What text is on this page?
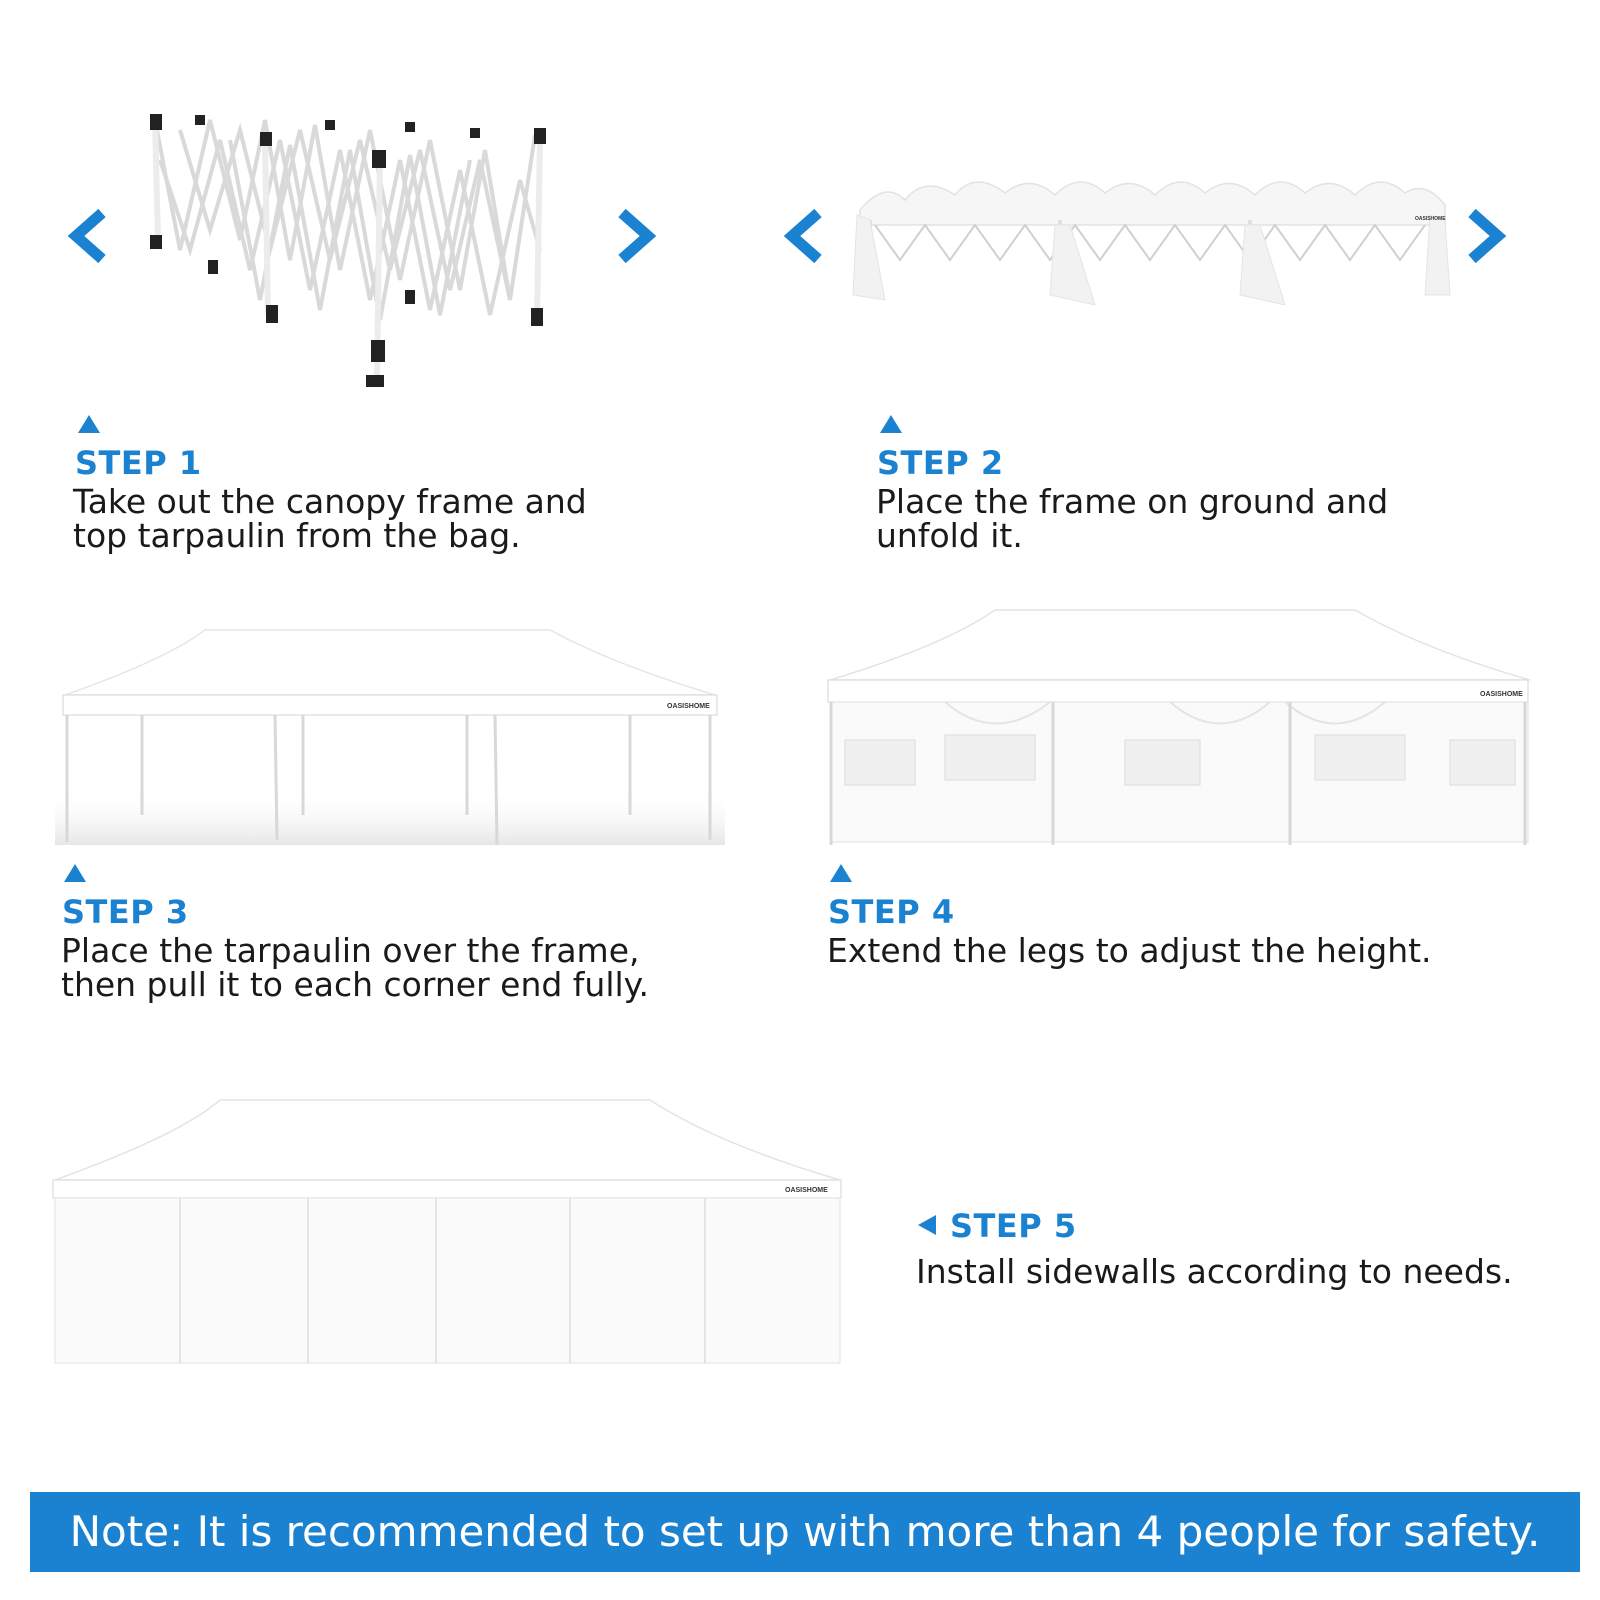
OASISHOME
OASISHOME
OASISHOME
OASISHOME
STEP 1
Take out the canopy frame and
top tarpaulin from the bag.
STEP 2
Place the frame on ground and
unfold it.
STEP 3
Place the tarpaulin over the frame,
then pull it to each corner end fully.
STEP 4
Extend the legs to adjust the height.
STEP 5
Install sidewalls according to needs.
Note: It is recommended to set up with more than 4 people for safety.
